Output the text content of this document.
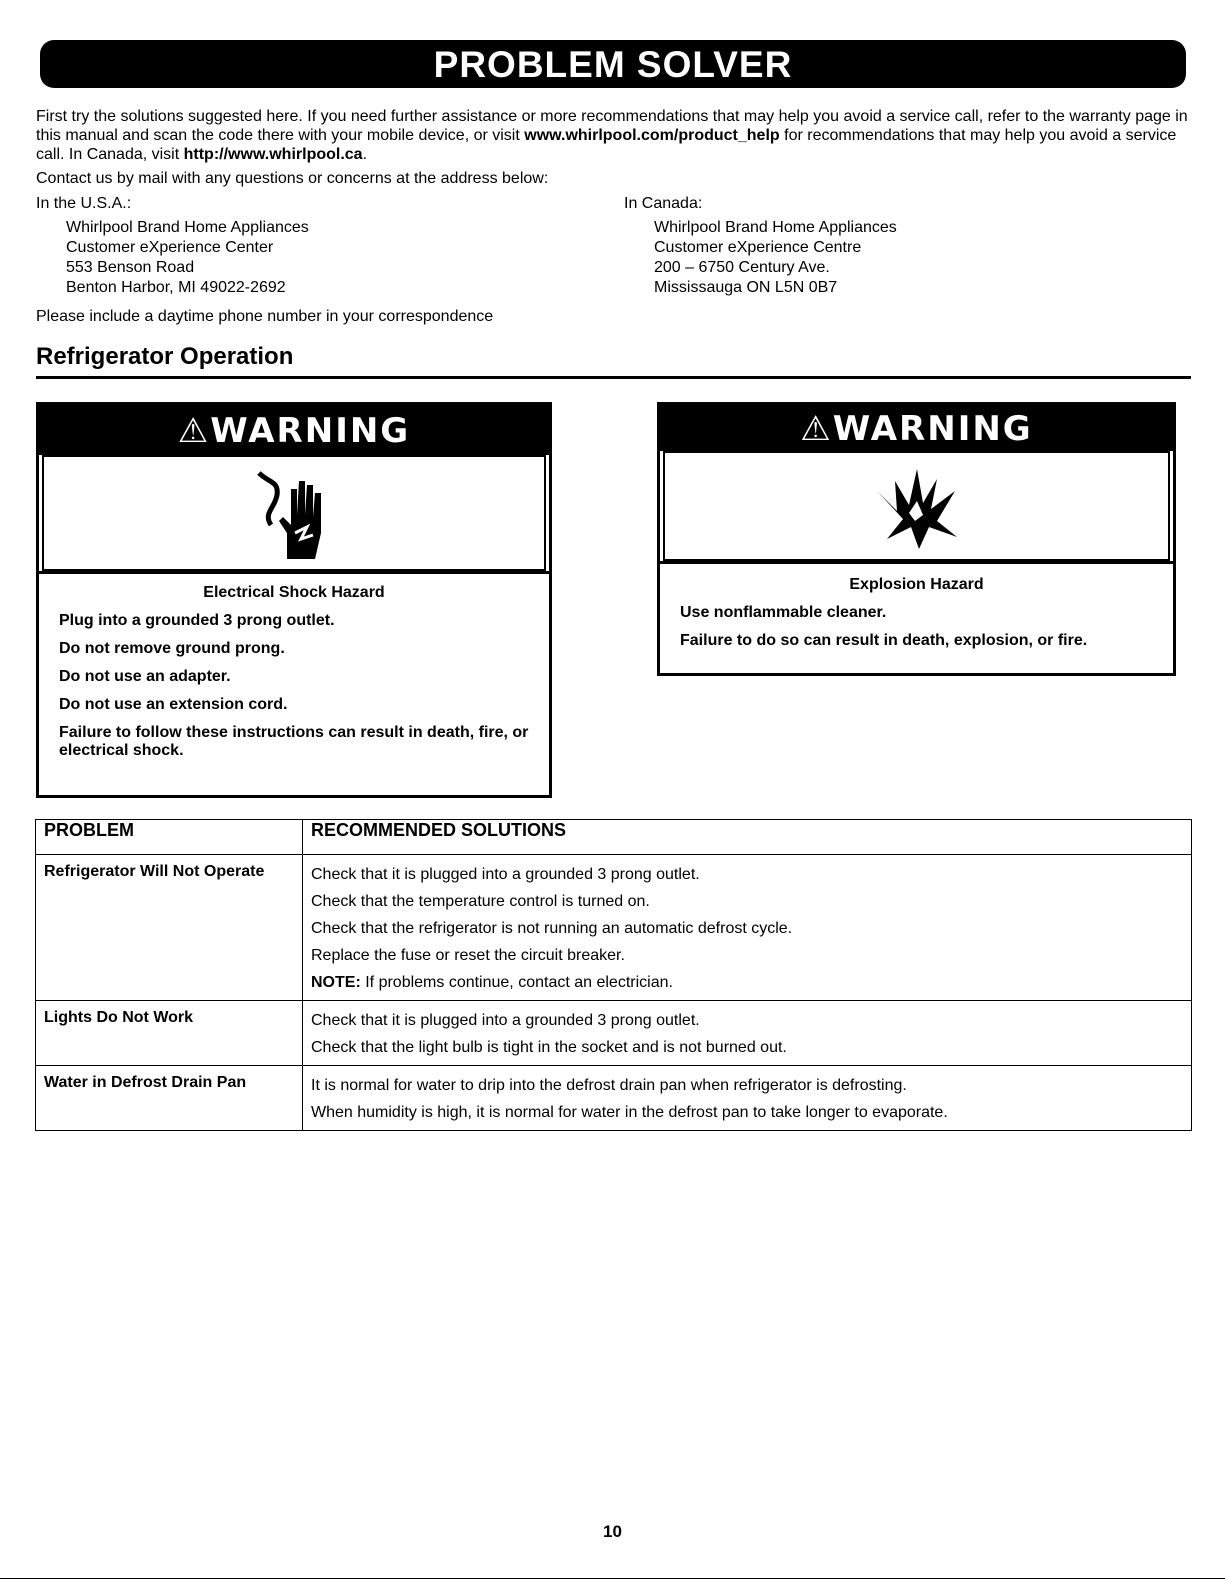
PROBLEM SOLVER

First try the solutions suggested here. If you need further assistance or more recommendations that may help you avoid a service call, refer to the warranty page in this manual and scan the code there with your mobile device, or visit www.whirlpool.com/product_help for recommendations that may help you avoid a service call. In Canada, visit http://www.whirlpool.ca.

Contact us by mail with any questions or concerns at the address below:
In the U.S.A.:
Whirlpool Brand Home Appliances
Customer eXperience Center
553 Benson Road
Benton Harbor, MI 49022-2692
In Canada:
Whirlpool Brand Home Appliances
Customer eXperience Centre
200 – 6750 Century Ave.
Mississauga ON L5N 0B7
Please include a daytime phone number in your correspondence
Refrigerator Operation
⚠WARNING
Electrical Shock Hazard

Plug into a grounded 3 prong outlet.

Do not remove ground prong.

Do not use an adapter.

Do not use an extension cord.

Failure to follow these instructions can result in death, fire, or electrical shock.

⚠WARNING
Explosion Hazard

Use nonflammable cleaner.

Failure to do so can result in death, explosion, or fire.

PROBLEM	RECOMMENDED SOLUTIONS
Refrigerator Will Not Operate	Check that it is plugged into a grounded 3 prong outlet.
Check that the temperature control is turned on.
Check that the refrigerator is not running an automatic defrost cycle.
Replace the fuse or reset the circuit breaker.
NOTE: If problems continue, contact an electrician.

Lights Do Not Work	Check that it is plugged into a grounded 3 prong outlet.
Check that the light bulb is tight in the socket and is not burned out.

Water in Defrost Drain Pan	It is normal for water to drip into the defrost drain pan when refrigerator is defrosting.
When humidity is high, it is normal for water in the defrost pan to take longer to evaporate.
10
